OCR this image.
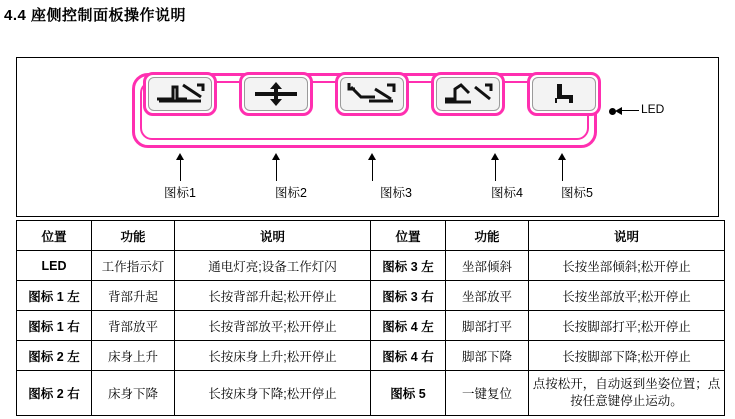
4.4 座侧控制面板操作说明
LED
图标1	图标2	图标3	图标4	图标5
位置	功能	说明	位置	功能	说明
LED	工作指示灯	通电灯亮;设备工作灯闪	图标 3 左	坐部倾斜	长按坐部倾斜;松开停止
图标 1 左	背部升起	长按背部升起;松开停止	图标 3 右	坐部放平	长按坐部放平;松开停止
图标 1 右	背部放平	长按背部放平;松开停止	图标 4 左	脚部打平	长按脚部打平;松开停止
图标 2 左	床身上升	长按床身上升;松开停止	图标 4 右	脚部下降	长按脚部下降;松开停止
图标 2 右	床身下降	长按床身下降;松开停止	图标 5	一键复位	点按松开，自动返到坐姿位置；点按任意键停止运动。
